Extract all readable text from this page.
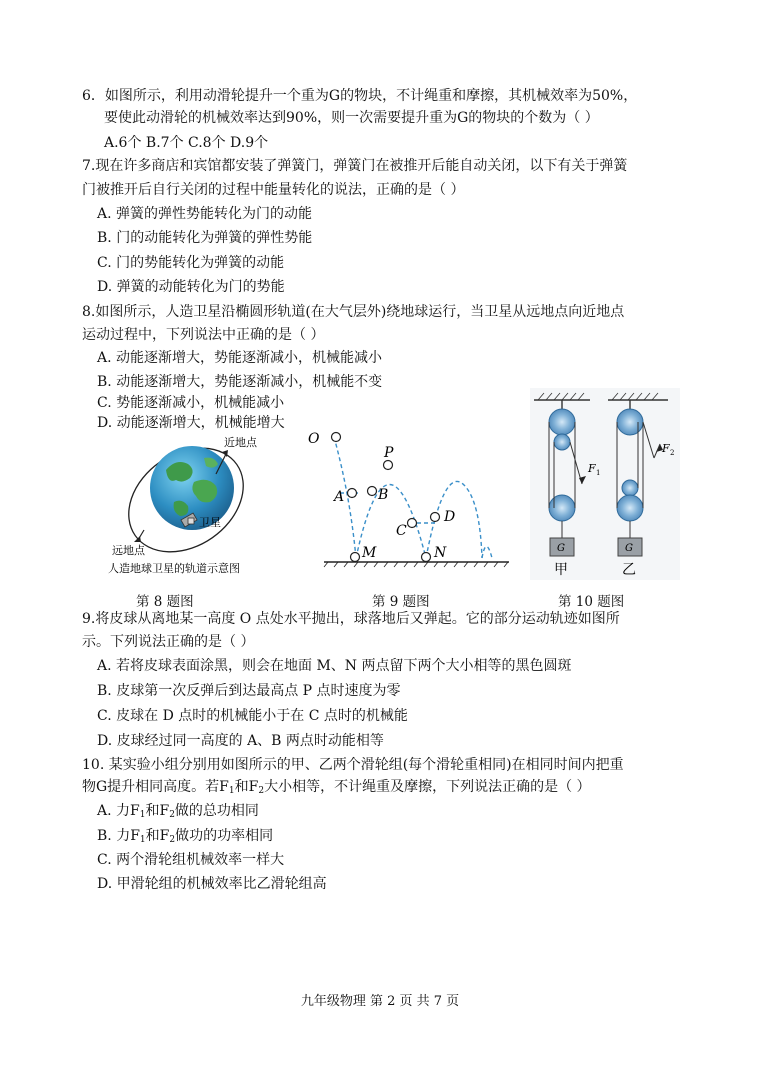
6．如图所示，利用动滑轮提升一个重为G的物块，不计绳重和摩擦，其机械效率为50%，
要使此动滑轮的机械效率达到90%，则一次需要提升重为G的物块的个数为（ ）
A.6个 B.7个 C.8个 D.9个
7.现在许多商店和宾馆都安装了弹簧门，弹簧门在被推开后能自动关闭，以下有关于弹簧
门被推开后自行关闭的过程中能量转化的说法，正确的是（ ）
A. 弹簧的弹性势能转化为门的动能
B. 门的动能转化为弹簧的弹性势能
C. 门的势能转化为弹簧的动能
D. 弹簧的动能转化为门的势能
8.如图所示，人造卫星沿椭圆形轨道(在大气层外)绕地球运行，当卫星从远地点向近地点
运动过程中，下列说法中正确的是（ ）
A. 动能逐渐增大，势能逐渐减小，机械能减小
B. 动能逐渐增大，势能逐渐减小，机械能不变
C. 势能逐渐减小，机械能减小
D. 动能逐渐增大，机械能增大
近地点
卫星
远地点
人造地球卫星的轨道示意图
O
A B
P
C
D
M	N
F 1
G
甲
F 2
G
乙
第 8 题图	第 9 题图	第 10 题图
9.将皮球从离地某一高度 O 点处水平抛出，球落地后又弹起。它的部分运动轨迹如图所
示。下列说法正确的是（ ）
A. 若将皮球表面涂黑，则会在地面 M、N 两点留下两个大小相等的黑色圆斑
B. 皮球第一次反弹后到达最高点 P 点时速度为零
C. 皮球在 D 点时的机械能小于在 C 点时的机械能
D. 皮球经过同一高度的 A、B 两点时动能相等
10. 某实验小组分别用如图所示的甲、乙两个滑轮组(每个滑轮重相同)在相同时间内把重
物G提升相同高度。若$F_1$和$F_2$大小相等，不计绳重及摩擦，下列说法正确的是（ ）
A. 力$F_1$和$F_2$做的总功相同
B. 力$F_1$和$F_2$做功的功率相同
C. 两个滑轮组机械效率一样大
D. 甲滑轮组的机械效率比乙滑轮组高
九年级物理 第 2 页 共 7 页
